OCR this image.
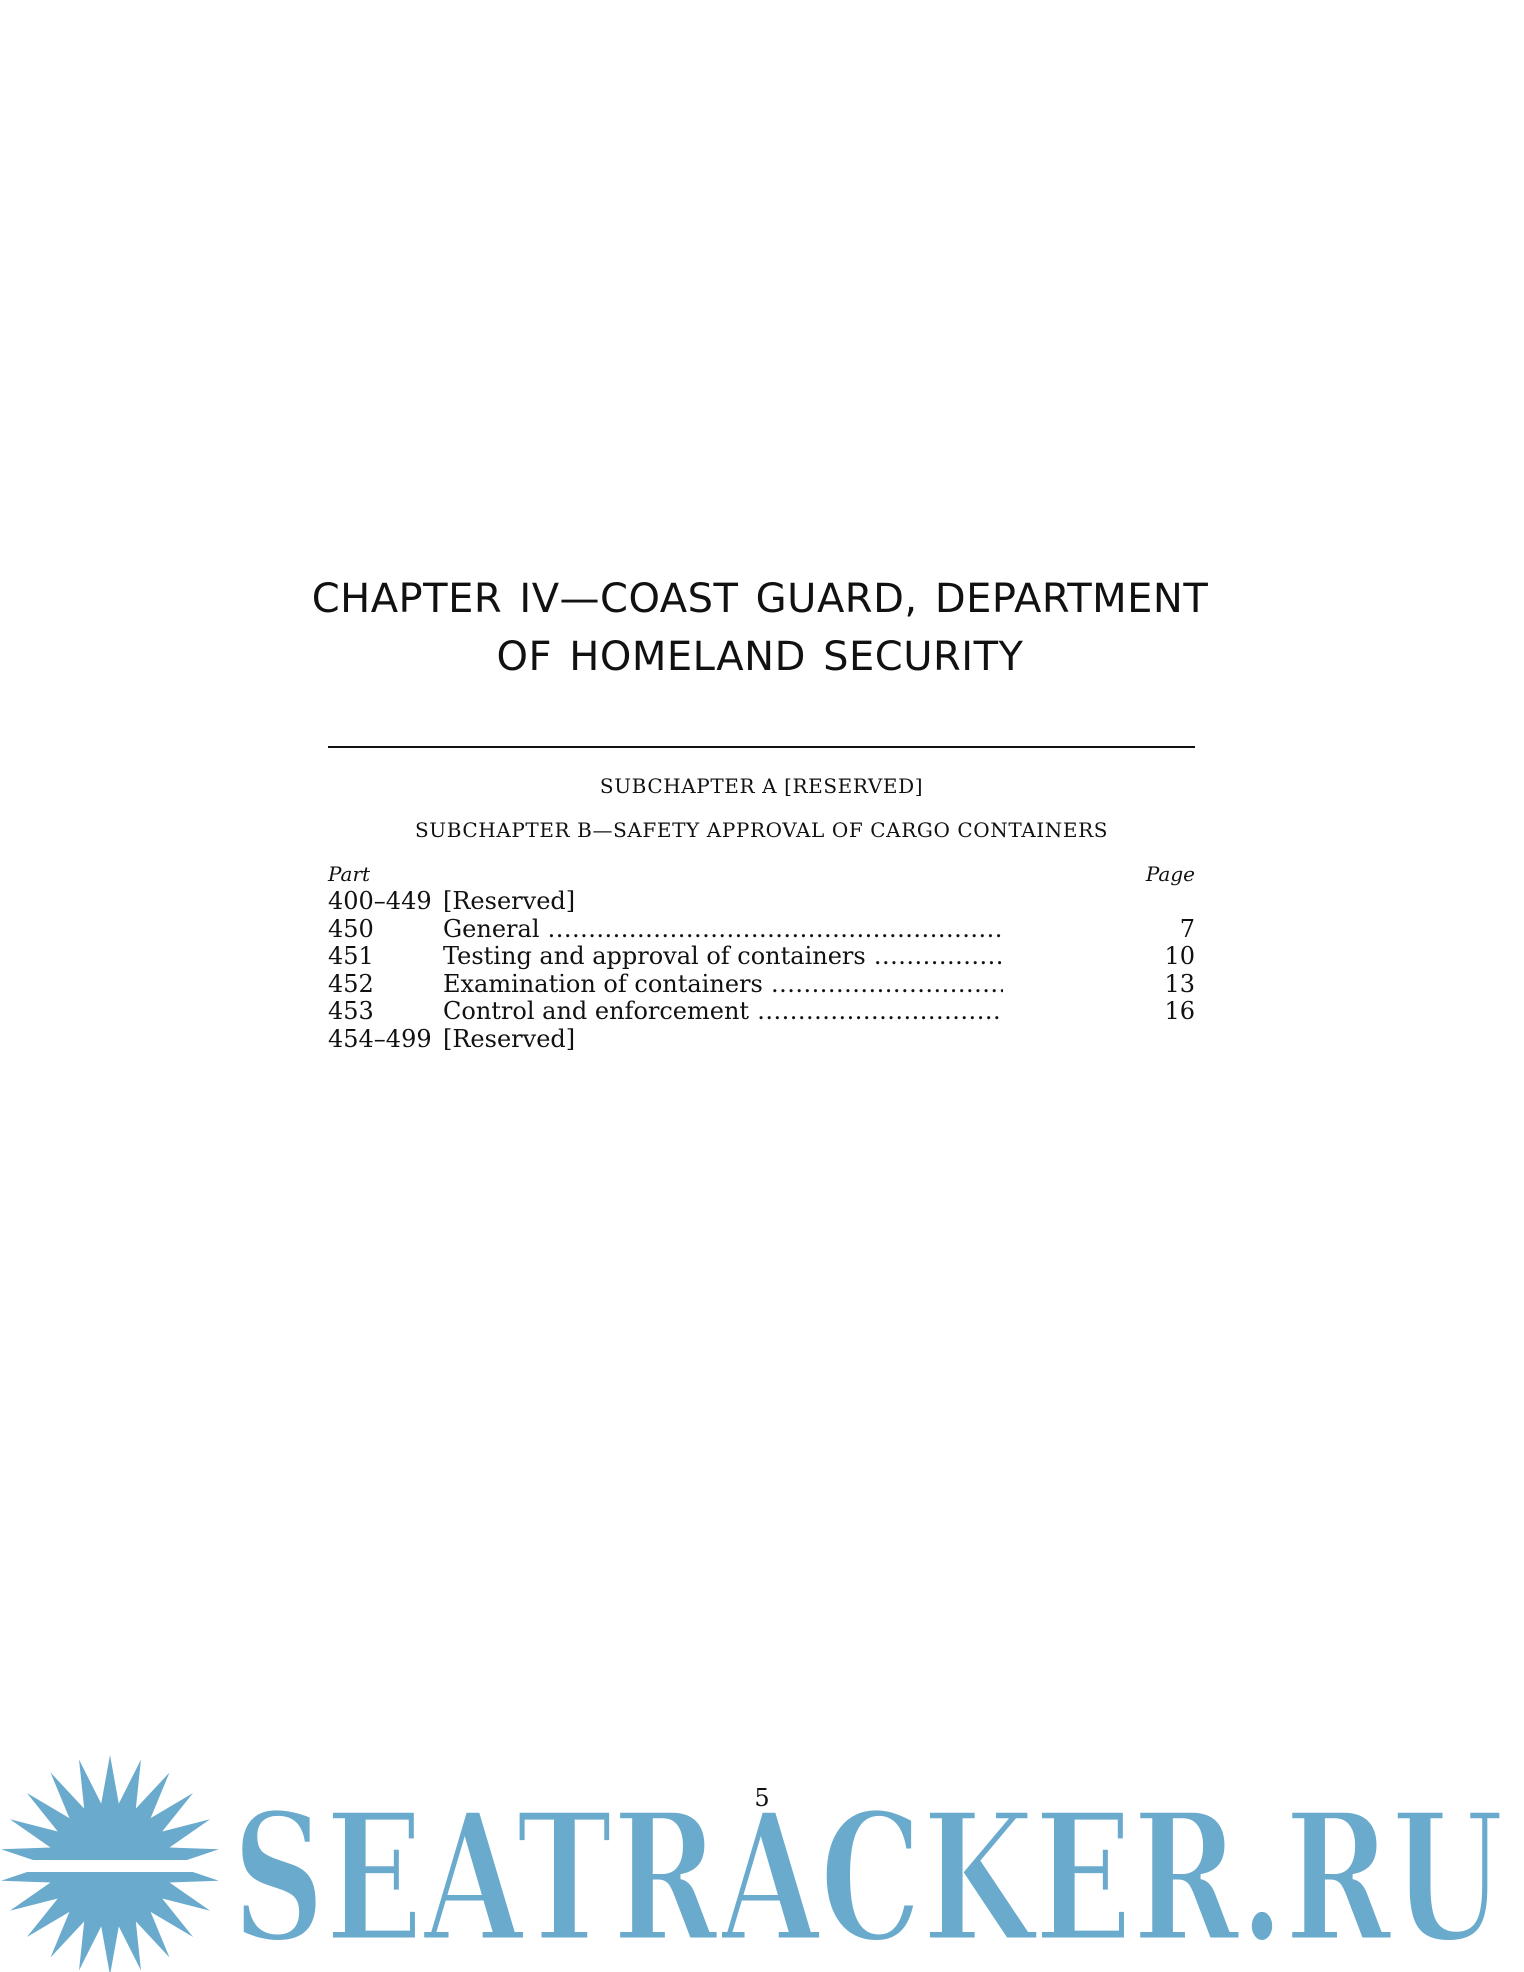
CHAPTER IV—COAST GUARD, DEPARTMENT
OF HOMELAND SECURITY
SUBCHAPTER A [RESERVED]
SUBCHAPTER B—SAFETY APPROVAL OF CARGO CONTAINERS
Part	Page
400–449 [Reserved]
450	General .....	7
451	Testing and approval of containers .....	10
452	Examination of containers .....	13
453	Control and enforcement .....	16
454–499 [Reserved]
SEATRACKER.RU
5
